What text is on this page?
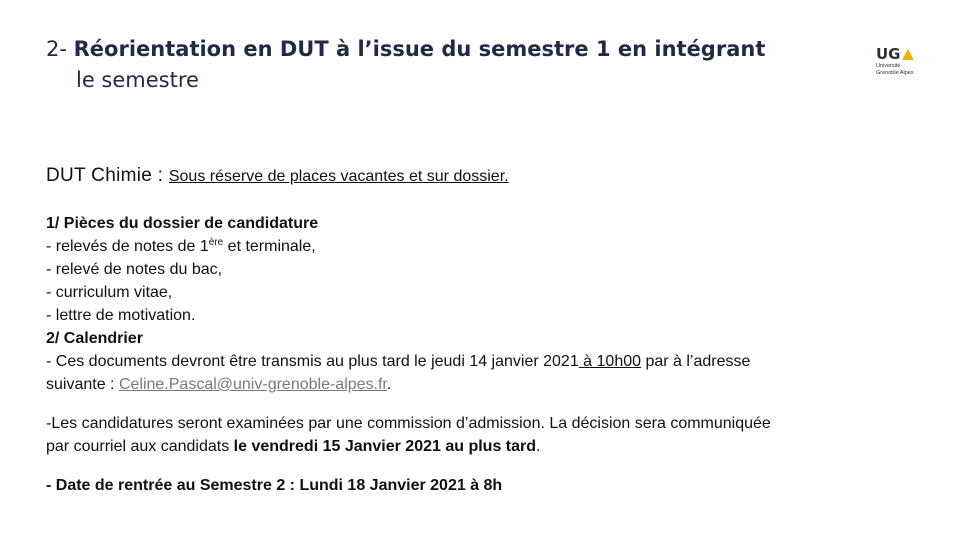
2- Réorientation en DUT à l’issue du semestre 1 en intégrant
le semestre
UG
Université
Grenoble Alpes
DUT Chimie : Sous réserve de places vacantes et sur dossier.
1/ Pièces du dossier de candidature
- relevés de notes de 1ère et terminale,
- relevé de notes du bac,
- curriculum vitae,
- lettre de motivation.
2/ Calendrier
- Ces documents devront être transmis au plus tard le jeudi 14 janvier 2021 à 10h00 par à l’adresse
suivante : Celine.Pascal@univ-grenoble-alpes.fr.
-Les candidatures seront examinées par une commission d’admission. La décision sera communiquée
par courriel aux candidats le vendredi 15 Janvier 2021 au plus tard.
- Date de rentrée au Semestre 2 : Lundi 18 Janvier 2021 à 8h
